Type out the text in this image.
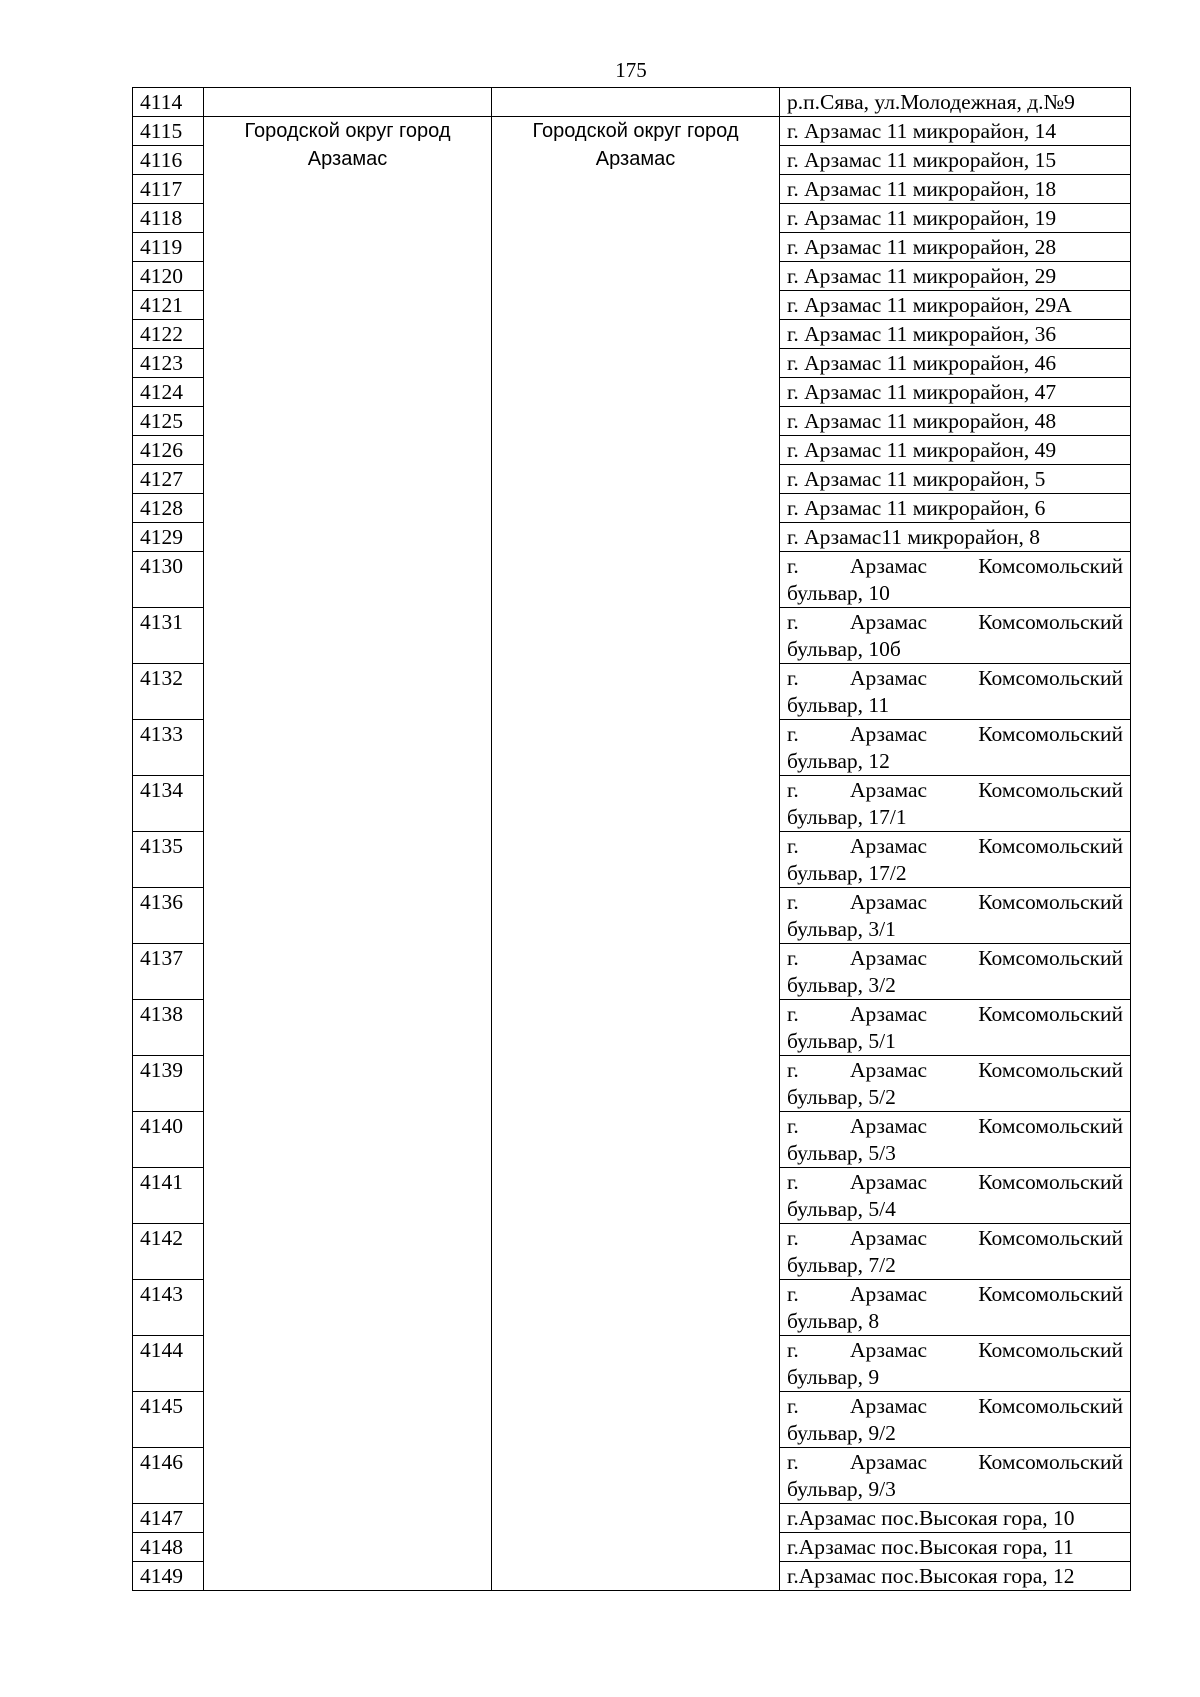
175
4114			р.п.Сява, ул.Молодежная, д.№9
4115	Городской округ город Арзамас	Городской округ город Арзамас	г. Арзамас 11 микрорайон, 14
4116			г. Арзамас 11 микрорайон, 15
4117			г. Арзамас 11 микрорайон, 18
4118			г. Арзамас 11 микрорайон, 19
4119			г. Арзамас 11 микрорайон, 28
4120			г. Арзамас 11 микрорайон, 29
4121			г. Арзамас 11 микрорайон, 29А
4122			г. Арзамас 11 микрорайон, 36
4123			г. Арзамас 11 микрорайон, 46
4124			г. Арзамас 11 микрорайон, 47
4125			г. Арзамас 11 микрорайон, 48
4126			г. Арзамас 11 микрорайон, 49
4127			г. Арзамас 11 микрорайон, 5
4128			г. Арзамас 11 микрорайон, 6
4129			г. Арзамас11 микрорайон, 8
4130			г. Арзамас Комсомольский
бульвар, 10

4131			г. Арзамас Комсомольский
бульвар, 10б

4132			г. Арзамас Комсомольский
бульвар, 11

4133			г. Арзамас Комсомольский
бульвар, 12

4134			г. Арзамас Комсомольский
бульвар, 17/1

4135			г. Арзамас Комсомольский
бульвар, 17/2

4136			г. Арзамас Комсомольский
бульвар, 3/1

4137			г. Арзамас Комсомольский
бульвар, 3/2

4138			г. Арзамас Комсомольский
бульвар, 5/1

4139			г. Арзамас Комсомольский
бульвар, 5/2

4140			г. Арзамас Комсомольский
бульвар, 5/3

4141			г. Арзамас Комсомольский
бульвар, 5/4

4142			г. Арзамас Комсомольский
бульвар, 7/2

4143			г. Арзамас Комсомольский
бульвар, 8

4144			г. Арзамас Комсомольский
бульвар, 9

4145			г. Арзамас Комсомольский
бульвар, 9/2

4146			г. Арзамас Комсомольский
бульвар, 9/3

4147			г.Арзамас пос.Высокая гора, 10
4148			г.Арзамас пос.Высокая гора, 11
4149			г.Арзамас пос.Высокая гора, 12
